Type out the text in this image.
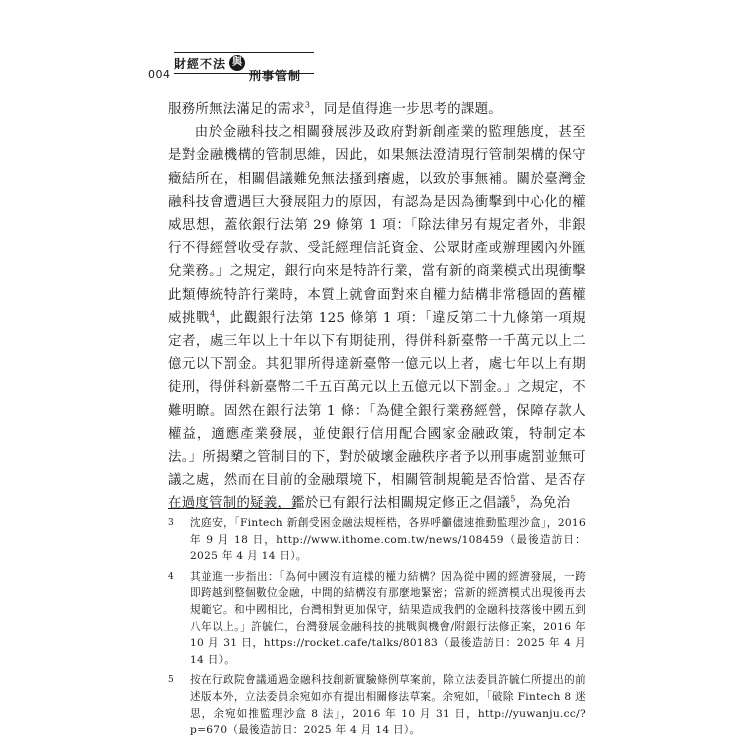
004
財經不法 與
刑事管制

服務所無法滿足的需求$^3$，同是值得進一步思考的課題。

由於金融科技之相關發展涉及政府對新創產業的監理態度，甚至是對金融機構的管制思維，因此，如果無法澄清現行管制架構的保守癥結所在，相關倡議難免無法搔到癢處，以致於事無補。關於臺灣金融科技會遭遇巨大發展阻力的原因，有認為是因為衝擊到中心化的權威思想，蓋依銀行法第 29 條第 1 項：「除法律另有規定者外，非銀行不得經營收受存款、受託經理信託資金、公眾財產或辦理國內外匯兌業務。」之規定，銀行向來是特許行業，當有新的商業模式出現衝擊此類傳統特許行業時，本質上就會面對來自權力結構非常穩固的舊權威挑戰$^4$，此觀銀行法第 125 條第 1 項：「違反第二十九條第一項規定者，處三年以上十年以下有期徒刑，得併科新臺幣一千萬元以上二億元以下罰金。其犯罪所得達新臺幣一億元以上者，處七年以上有期徒刑，得併科新臺幣二千五百萬元以上五億元以下罰金。」之規定，不難明瞭。固然在銀行法第 1 條：「為健全銀行業務經營，保障存款人權益，適應產業發展，並使銀行信用配合國家金融政策，特制定本法。」所揭櫫之管制目的下，對於破壞金融秩序者予以刑事處罰並無可議之處，然而在目前的金融環境下，相關管制規範是否恰當、是否存在過度管制的疑義，鑑於已有銀行法相關規定修正之倡議$^5$，為免治

3 沈庭安，「Fintech 新創受困金融法規桎梏，各界呼籲儘速推動監理沙盒」，2016 年 9 月 18 日，http://www.ithome.com.tw/news/108459（最後造訪日：2025 年 4 月 14 日）。
4 其並進一步指出：「為何中國沒有這樣的權力結構？因為從中國的經濟發展，一跨即跨越到整個數位金融，中間的結構沒有那麼地緊密；當新的經濟模式出現後再去規範它。和中國相比，台灣相對更加保守，結果造成我們的金融科技落後中國五到八年以上。」許毓仁，台灣發展金融科技的挑戰與機會/附銀行法修正案，2016 年 10 月 31 日，https://rocket.cafe/talks/80183（最後造訪日：2025 年 4 月 14 日）。
5 按在行政院會議通過金融科技創新實驗條例草案前，除立法委員許毓仁所提出的前述版本外，立法委員余宛如亦有提出相關修法草案。余宛如，「破除 Fintech 8 迷思，余宛如推監理沙盒 8 法」，2016 年 10 月 31 日，http://yuwanju.cc/?p=670（最後造訪日：2025 年 4 月 14 日）。
